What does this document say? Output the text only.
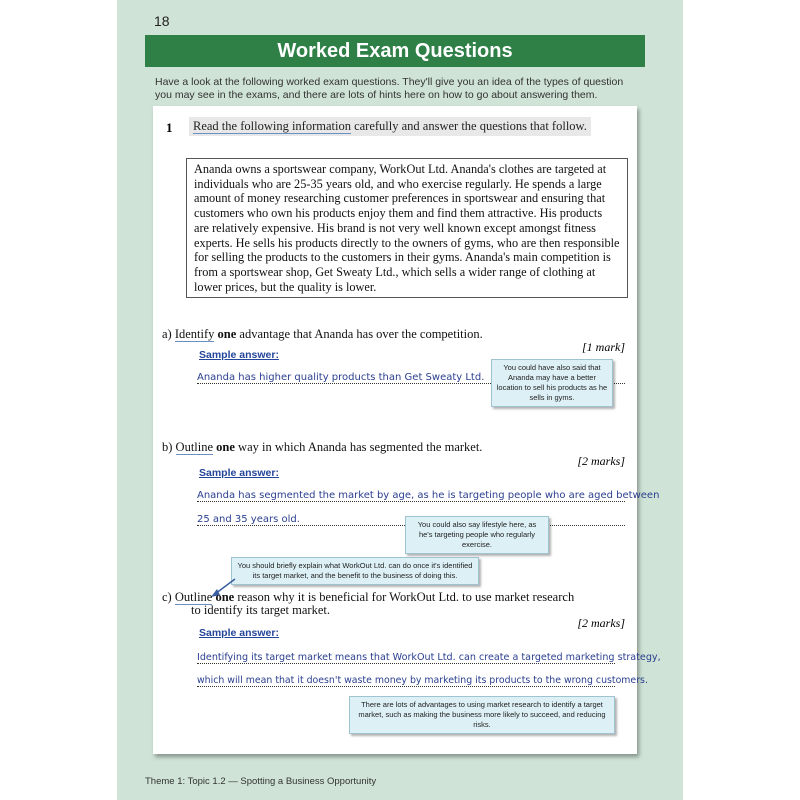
18
Worked Exam Questions
Have a look at the following worked exam questions. They'll give you an idea of the types of question you may see in the exams, and there are lots of hints here on how to go about answering them.
1	Read the following information carefully and answer the questions that follow.
Ananda owns a sportswear company, WorkOut Ltd. Ananda's clothes are targeted at individuals who are 25-35 years old, and who exercise regularly. He spends a large amount of money researching customer preferences in sportswear and ensuring that customers who own his products enjoy them and find them attractive. His products are relatively expensive. His brand is not very well known except amongst fitness experts. He sells his products directly to the owners of gyms, who are then responsible for selling the products to the customers in their gyms. Ananda's main competition is from a sportswear shop, Get Sweaty Ltd., which sells a wider range of clothing at lower prices, but the quality is lower.
a) Identify one advantage that Ananda has over the competition.
[1 mark]
Sample answer:
Ananda has higher quality products than Get Sweaty Ltd.
You could have also said that Ananda may have a better location to sell his products as he sells in gyms.
b) Outline one way in which Ananda has segmented the market.
[2 marks]
Sample answer:
Ananda has segmented the market by age, as he is targeting people who are aged between
25 and 35 years old.	You could also say lifestyle here, as he's targeting people who regularly exercise.
You should briefly explain what WorkOut Ltd. can do once it's identified its target market, and the benefit to the business of doing this.
c) Outline one reason why it is beneficial for WorkOut Ltd. to use market research
to identify its target market.
[2 marks]
Sample answer:
Identifying its target market means that WorkOut Ltd. can create a targeted marketing strategy,
which will mean that it doesn't waste money by marketing its products to the wrong customers.
There are lots of advantages to using market research to identify a target market, such as making the business more likely to succeed, and reducing risks.
Theme 1: Topic 1.2 — Spotting a Business Opportunity
